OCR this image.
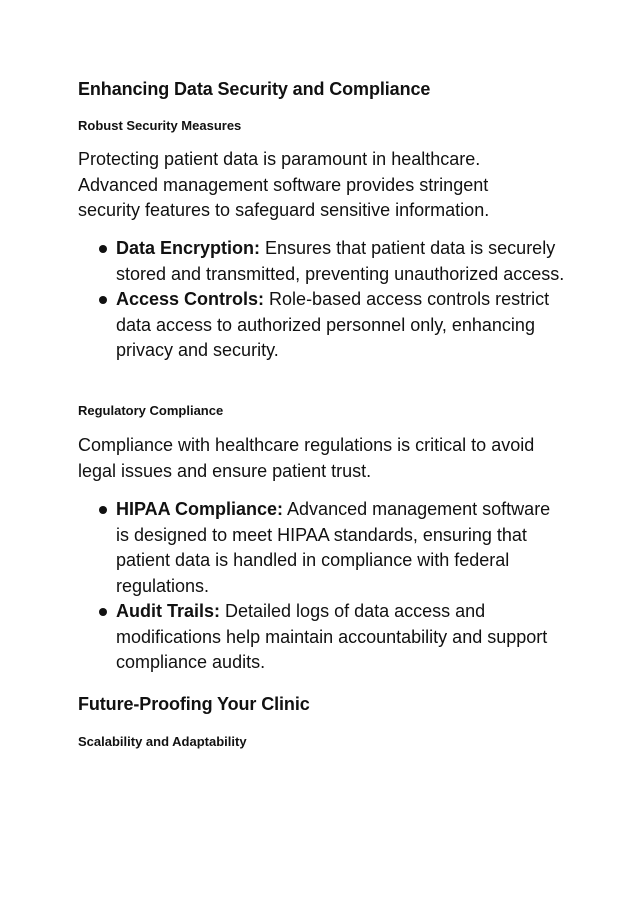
Enhancing Data Security and Compliance
Robust Security Measures

Protecting patient data is paramount in healthcare. Advanced management software provides stringent security features to safeguard sensitive information.

Data Encryption: Ensures that patient data is securely stored and transmitted, preventing unauthorized access.
Access Controls: Role-based access controls restrict data access to authorized personnel only, enhancing privacy and security.
Regulatory Compliance

Compliance with healthcare regulations is critical to avoid legal issues and ensure patient trust.

HIPAA Compliance: Advanced management software is designed to meet HIPAA standards, ensuring that patient data is handled in compliance with federal regulations.
Audit Trails: Detailed logs of data access and modifications help maintain accountability and support compliance audits.
Future-Proofing Your Clinic
Scalability and Adaptability
